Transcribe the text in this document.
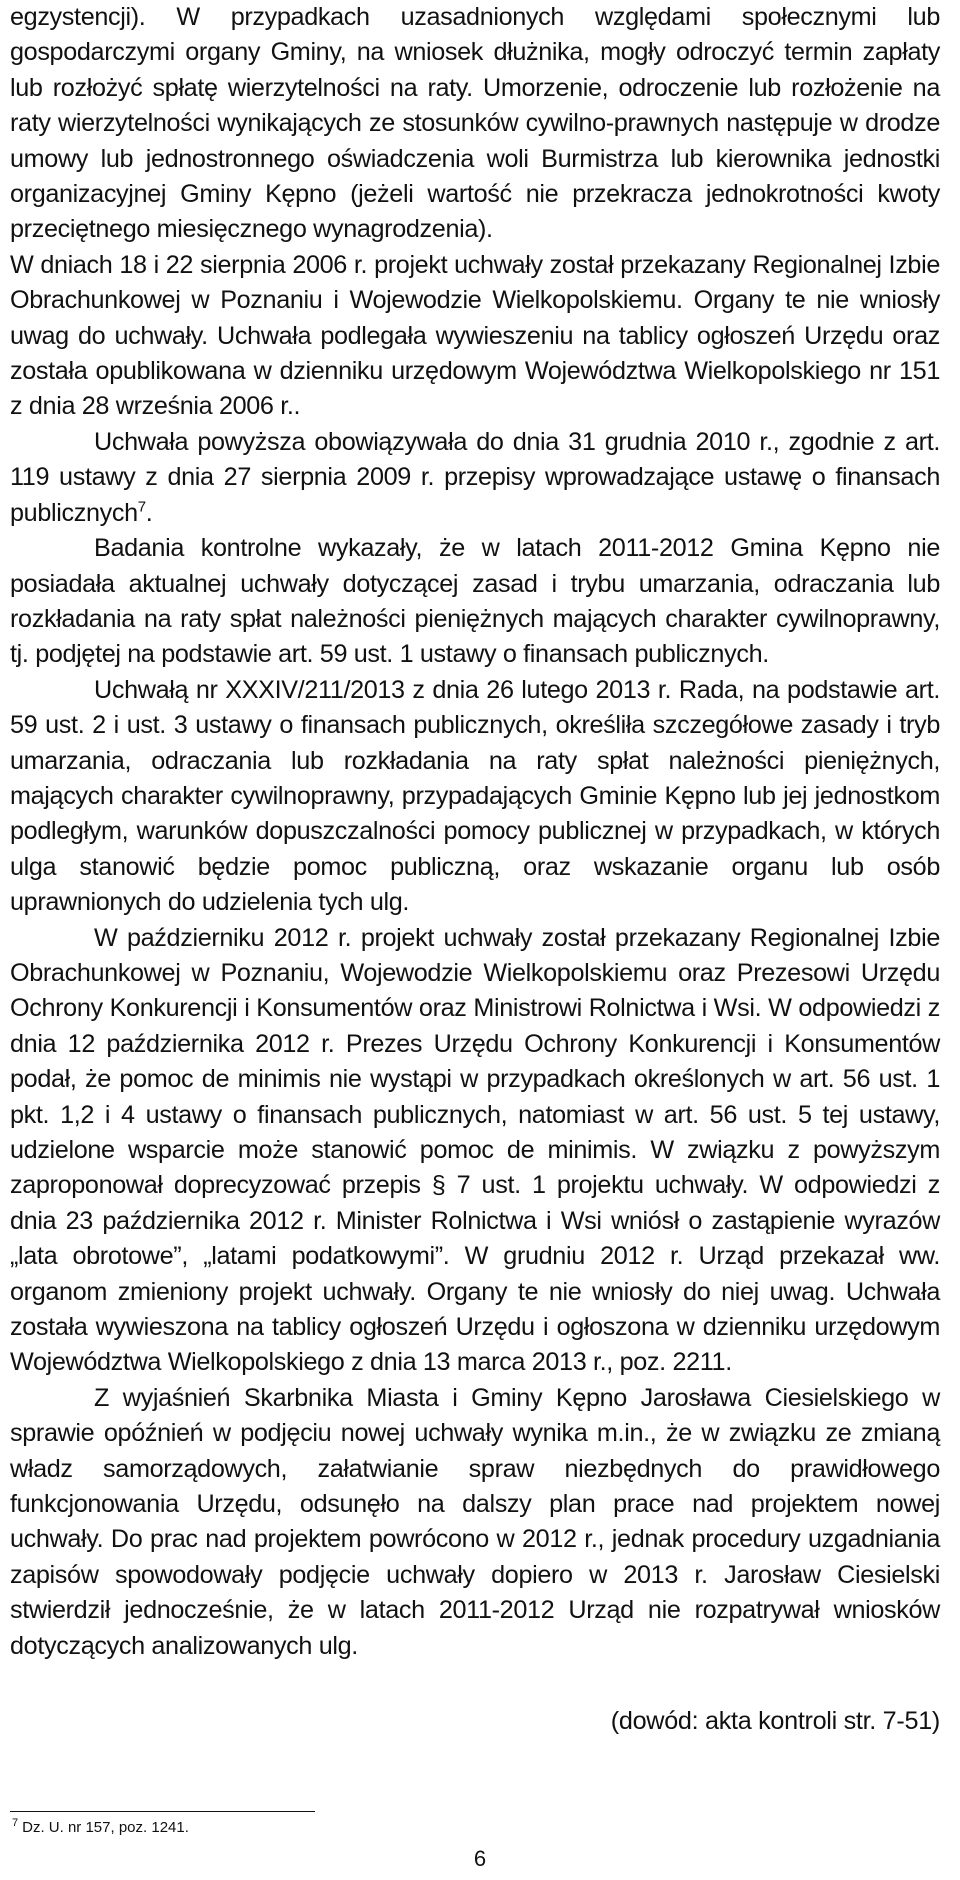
egzystencji). W przypadkach uzasadnionych względami społecznymi lub gospodarczymi organy Gminy, na wniosek dłużnika, mogły odroczyć termin zapłaty lub rozłożyć spłatę wierzytelności na raty. Umorzenie, odroczenie lub rozłożenie na raty wierzytelności wynikających ze stosunków cywilno-prawnych następuje w drodze umowy lub jednostronnego oświadczenia woli Burmistrza lub kierownika jednostki organizacyjnej Gminy Kępno (jeżeli wartość nie przekracza jednokrotności kwoty przeciętnego miesięcznego wynagrodzenia).

W dniach 18 i 22 sierpnia 2006 r. projekt uchwały został przekazany Regionalnej Izbie Obrachunkowej w Poznaniu i Wojewodzie Wielkopolskiemu. Organy te nie wniosły uwag do uchwały. Uchwała podlegała wywieszeniu na tablicy ogłoszeń Urzędu oraz została opublikowana w dzienniku urzędowym Województwa Wielkopolskiego nr 151 z dnia 28 września 2006 r..

Uchwała powyższa obowiązywała do dnia 31 grudnia 2010 r., zgodnie z art. 119 ustawy z dnia 27 sierpnia 2009 r. przepisy wprowadzające ustawę o finansach publicznych$^7$.

Badania kontrolne wykazały, że w latach 2011-2012 Gmina Kępno nie posiadała aktualnej uchwały dotyczącej zasad i trybu umarzania, odraczania lub rozkładania na raty spłat należności pieniężnych mających charakter cywilnoprawny, tj. podjętej na podstawie art. 59 ust. 1 ustawy o finansach publicznych.

Uchwałą nr XXXIV/211/2013 z dnia 26 lutego 2013 r. Rada, na podstawie art. 59 ust. 2 i ust. 3 ustawy o finansach publicznych, określiła szczegółowe zasady i tryb umarzania, odraczania lub rozkładania na raty spłat należności pieniężnych, mających charakter cywilnoprawny, przypadających Gminie Kępno lub jej jednostkom podległym, warunków dopuszczalności pomocy publicznej w przypadkach, w których ulga stanowić będzie pomoc publiczną, oraz wskazanie organu lub osób uprawnionych do udzielenia tych ulg.

W październiku 2012 r. projekt uchwały został przekazany Regionalnej Izbie Obrachunkowej w Poznaniu, Wojewodzie Wielkopolskiemu oraz Prezesowi Urzędu Ochrony Konkurencji i Konsumentów oraz Ministrowi Rolnictwa i Wsi. W odpowiedzi z dnia 12 października 2012 r. Prezes Urzędu Ochrony Konkurencji i Konsumentów podał, że pomoc de minimis nie wystąpi w przypadkach określonych w art. 56 ust. 1 pkt. 1,2 i 4 ustawy o finansach publicznych, natomiast w art. 56 ust. 5 tej ustawy, udzielone wsparcie może stanowić pomoc de minimis. W związku z powyższym zaproponował doprecyzować przepis § 7 ust. 1 projektu uchwały. W odpowiedzi z dnia 23 października 2012 r. Minister Rolnictwa i Wsi wniósł o zastąpienie wyrazów „lata obrotowe”, „latami podatkowymi”. W grudniu 2012 r. Urząd przekazał ww. organom zmieniony projekt uchwały. Organy te nie wniosły do niej uwag. Uchwała została wywieszona na tablicy ogłoszeń Urzędu i ogłoszona w dzienniku urzędowym Województwa Wielkopolskiego z dnia 13 marca 2013 r., poz. 2211.

Z wyjaśnień Skarbnika Miasta i Gminy Kępno Jarosława Ciesielskiego w sprawie opóźnień w podjęciu nowej uchwały wynika m.in., że w związku ze zmianą władz samorządowych, załatwianie spraw niezbędnych do prawidłowego funkcjonowania Urzędu, odsunęło na dalszy plan prace nad projektem nowej uchwały. Do prac nad projektem powrócono w 2012 r., jednak procedury uzgadniania zapisów spowodowały podjęcie uchwały dopiero w 2013 r. Jarosław Ciesielski stwierdził jednocześnie, że w latach 2011-2012 Urząd nie rozpatrywał wniosków dotyczących analizowanych ulg.

(dowód: akta kontroli str. 7-51)

$^7$ Dz. U. nr 157, poz. 1241.
6
